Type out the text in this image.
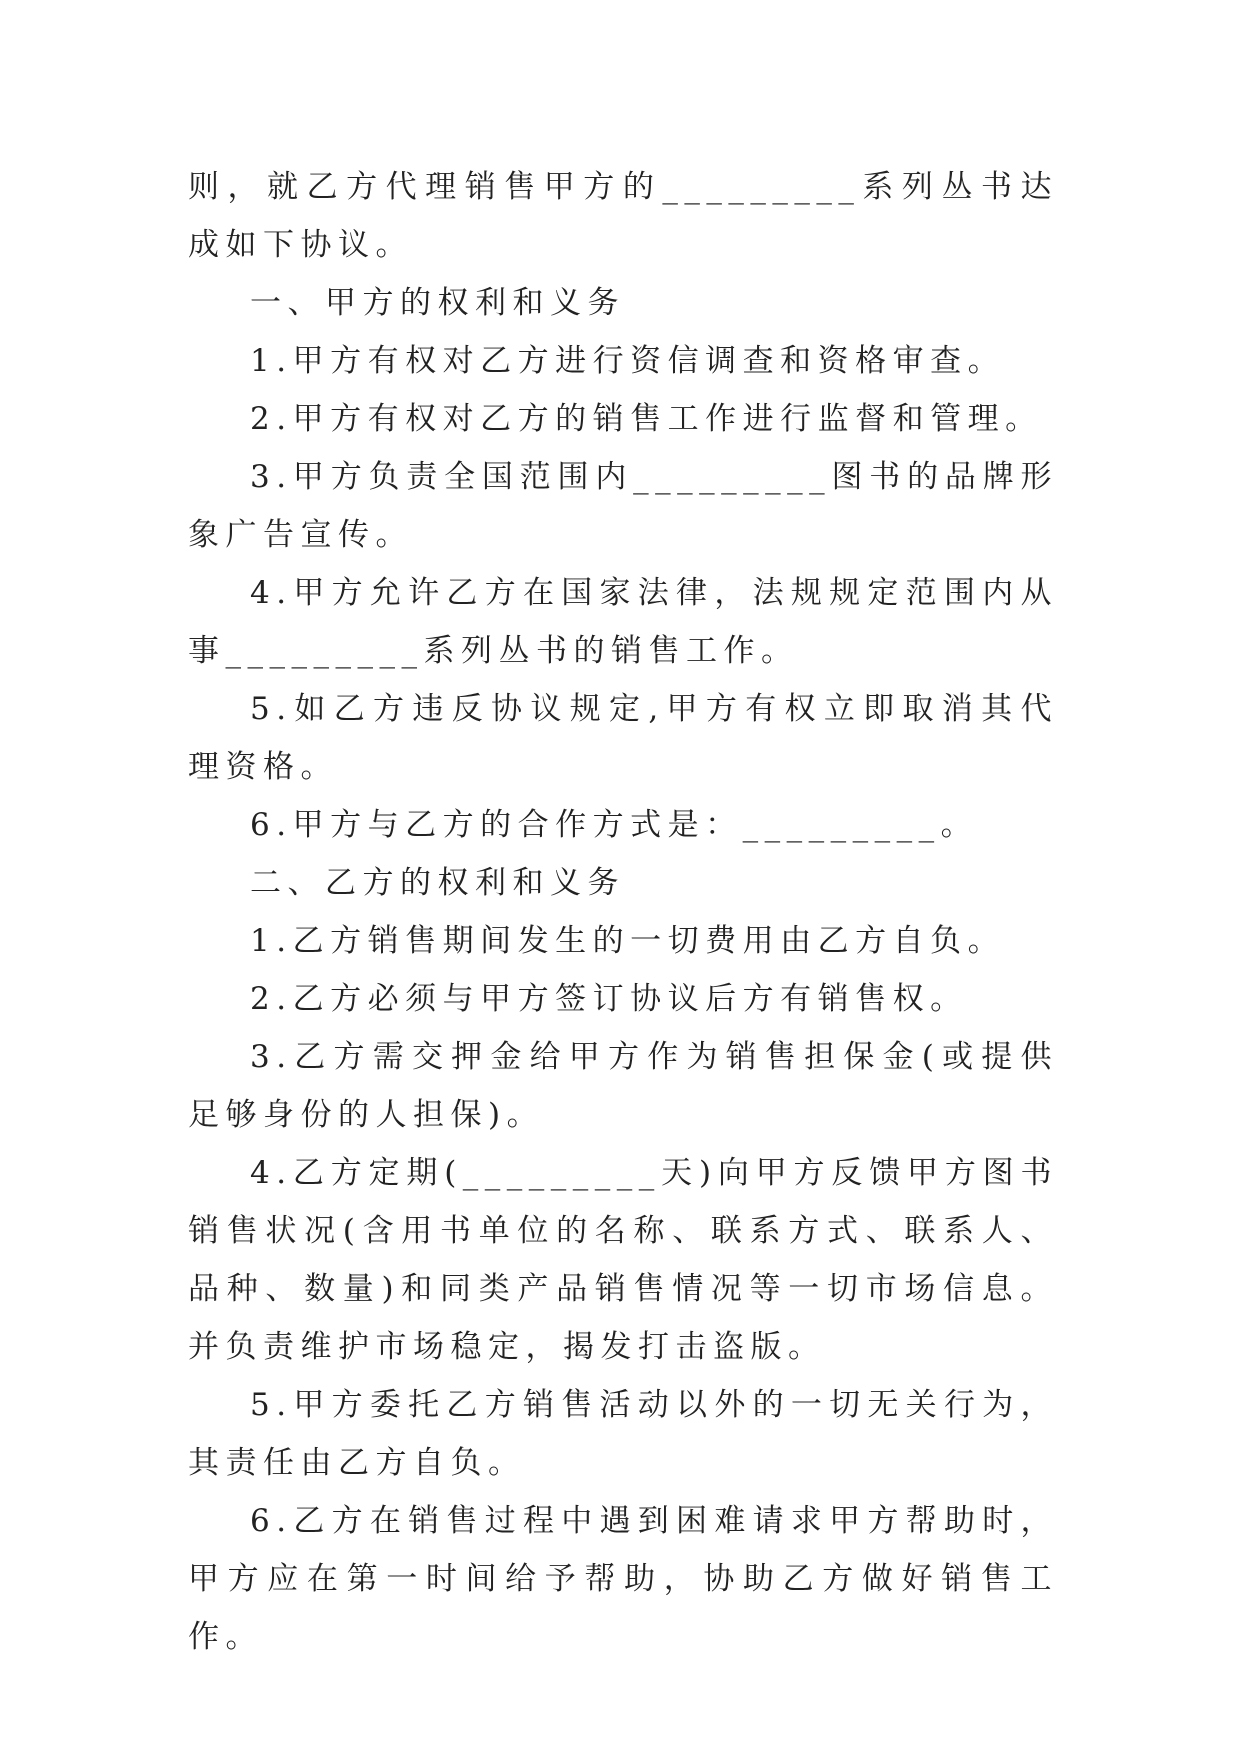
则，就乙方代理销售甲方的_________系列丛书达成如下协议。

一、甲方的权利和义务

1.甲方有权对乙方进行资信调查和资格审查。

2.甲方有权对乙方的销售工作进行监督和管理。

3.甲方负责全国范围内_________图书的品牌形象广告宣传。

4.甲方允许乙方在国家法律，法规规定范围内从事_________系列丛书的销售工作。

5.如乙方违反协议规定,甲方有权立即取消其代理资格。

6.甲方与乙方的合作方式是：_________。

二、乙方的权利和义务

1.乙方销售期间发生的一切费用由乙方自负。

2.乙方必须与甲方签订协议后方有销售权。

3.乙方需交押金给甲方作为销售担保金(或提供足够身份的人担保)。

4.乙方定期(_________天)向甲方反馈甲方图书销售状况(含用书单位的名称、联系方式、联系人、品种、数量)和同类产品销售情况等一切市场信息。并负责维护市场稳定，揭发打击盗版。

5.甲方委托乙方销售活动以外的一切无关行为，其责任由乙方自负。

6.乙方在销售过程中遇到困难请求甲方帮助时，甲方应在第一时间给予帮助，协助乙方做好销售工作。
